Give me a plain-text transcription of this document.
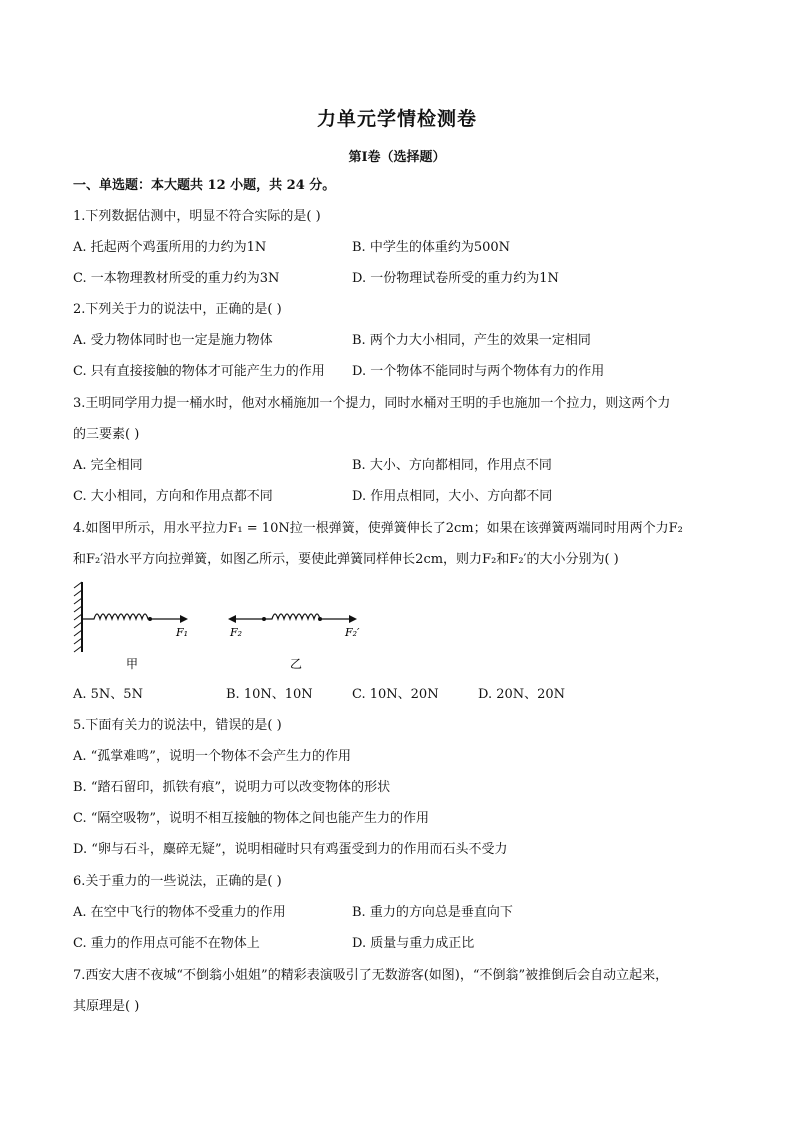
力单元学情检测卷
第I卷（选择题）
一、单选题：本大题共 12 小题，共 24 分。
1.下列数据估测中，明显不符合实际的是( )
A. 托起两个鸡蛋所用的力约为1N	B. 中学生的体重约为500N
C. 一本物理教材所受的重力约为3N	D. 一份物理试卷所受的重力约为1N
2.下列关于力的说法中，正确的是( )
A. 受力物体同时也一定是施力物体	B. 两个力大小相同，产生的效果一定相同
C. 只有直接接触的物体才可能产生力的作用 D. 一个物体不能同时与两个物体有力的作用
3.王明同学用力提一桶水时，他对水桶施加一个提力，同时水桶对王明的手也施加一个拉力，则这两个力
的三要素( )
A. 完全相同	B. 大小、方向都相同，作用点不同
C. 大小相同，方向和作用点都不同	D. 作用点相同，大小、方向都不同
4.如图甲所示，用水平拉力F₁ = 10N拉一根弹簧，使弹簧伸长了2cm；如果在该弹簧两端同时用两个力F₂
和F₂′沿水平方向拉弹簧，如图乙所示，要使此弹簧同样伸长2cm，则力F₂和F₂′的大小分别为( )
F₁
甲
F₂	F₂′
乙
A. 5N、5N	B. 10N、10N	C. 10N、20N	D. 20N、20N
5.下面有关力的说法中，错误的是( )
A. “孤掌难鸣”，说明一个物体不会产生力的作用
B. “踏石留印，抓铁有痕”，说明力可以改变物体的形状
C. “隔空吸物”，说明不相互接触的物体之间也能产生力的作用
D. “卵与石斗，麋碎无疑”，说明相碰时只有鸡蛋受到力的作用而石头不受力
6.关于重力的一些说法，正确的是( )
A. 在空中飞行的物体不受重力的作用	B. 重力的方向总是垂直向下
C. 重力的作用点可能不在物体上	D. 质量与重力成正比
7.西安大唐不夜城“不倒翁小姐姐”的精彩表演吸引了无数游客(如图)，“不倒翁”被推倒后会自动立起来，
其原理是( )
